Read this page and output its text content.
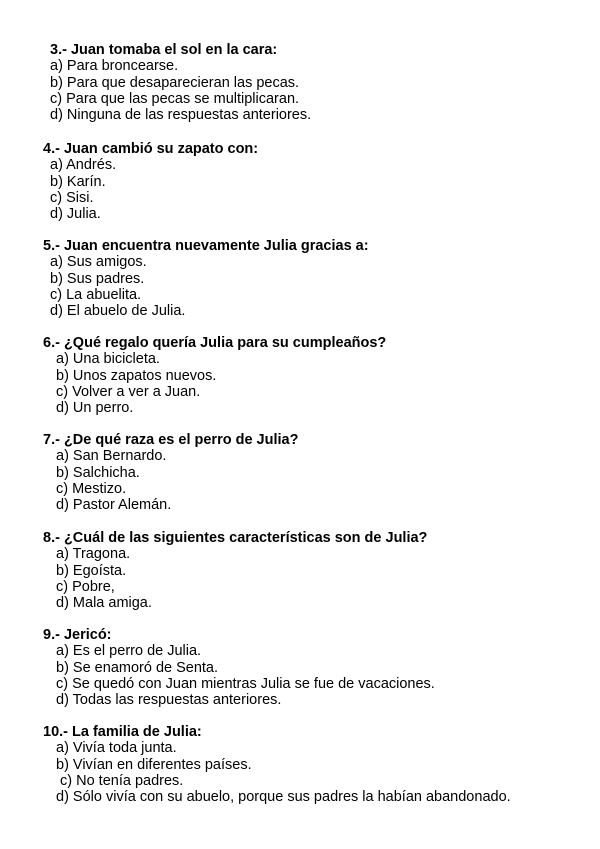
3.- Juan tomaba el sol en la cara:
a) Para broncearse.
b) Para que desaparecieran las pecas.
c) Para que las pecas se multiplicaran.
d) Ninguna de las respuestas anteriores.
4.- Juan cambió su zapato con:
a) Andrés.
b) Karín.
c) Sisi.
d) Julia.
5.- Juan encuentra nuevamente Julia gracias a:
a) Sus amigos.
b) Sus padres.
c) La abuelita.
d) El abuelo de Julia.
6.- ¿Qué regalo quería Julia para su cumpleaños?
a) Una bicicleta.
b) Unos zapatos nuevos.
c) Volver a ver a Juan.
d) Un perro.
7.- ¿De qué raza es el perro de Julia?
a) San Bernardo.
b) Salchicha.
c) Mestizo.
d) Pastor Alemán.
8.- ¿Cuál de las siguientes características son de Julia?
a) Tragona.
b) Egoísta.
c) Pobre,
d) Mala amiga.
9.- Jericó:
a) Es el perro de Julia.
b) Se enamoró de Senta.
c) Se quedó con Juan mientras Julia se fue de vacaciones.
d) Todas las respuestas anteriores.
10.- La familia de Julia:
a) Vivía toda junta.
b) Vivían en diferentes países.
c) No tenía padres.
d) Sólo vivía con su abuelo, porque sus padres la habían abandonado.
